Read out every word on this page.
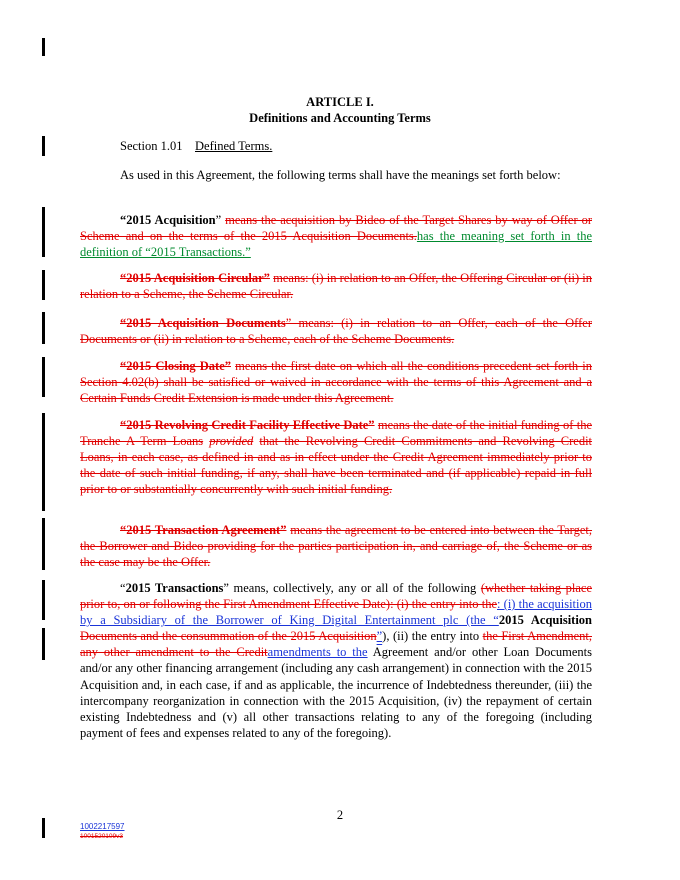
ARTICLE I.
Definitions and Accounting Terms
Section 1.01 Defined Terms.
As used in this Agreement, the following terms shall have the meanings set forth below:
“2015 Acquisition” means the acquisition by Bideo of the Target Shares by way of Offer or Scheme and on the terms of the 2015 Acquisition Documents.has the meaning set forth in the definition of “2015 Transactions.”
“2015 Acquisition Circular” means: (i) in relation to an Offer, the Offering Circular or (ii) in relation to a Scheme, the Scheme Circular.
“2015 Acquisition Documents” means: (i) in relation to an Offer, each of the Offer Documents or (ii) in relation to a Scheme, each of the Scheme Documents.
“2015 Closing Date” means the first date on which all the conditions precedent set forth in Section 4.02(b) shall be satisfied or waived in accordance with the terms of this Agreement and a Certain Funds Credit Extension is made under this Agreement.
“2015 Revolving Credit Facility Effective Date” means the date of the initial funding of the Tranche A Term Loans provided that the Revolving Credit Commitments and Revolving Credit Loans, in each case, as defined in and as in effect under the Credit Agreement immediately prior to the date of such initial funding, if any, shall have been terminated and (if applicable) repaid in full prior to or substantially concurrently with such initial funding.
“2015 Transaction Agreement” means the agreement to be entered into between the Target, the Borrower and Bideo providing for the parties participation in, and carriage of, the Scheme or as the case may be the Offer.
“2015 Transactions” means, collectively, any or all of the following (whether taking place prior to, on or following the First Amendment Effective Date): (i) the entry into the: (i) the acquisition by a Subsidiary of the Borrower of King Digital Entertainment plc (the “2015 Acquisition Documents and the consummation of the 2015 Acquisition”), (ii) the entry into the First Amendment, any other amendment to the Creditamendments to the Agreement and/or other Loan Documents and/or any other financing arrangement (including any cash arrangement) in connection with the 2015 Acquisition and, in each case, if and as applicable, the incurrence of Indebtedness thereunder, (iii) the intercompany reorganization in connection with the 2015 Acquisition, (iv) the repayment of certain existing Indebtedness and (v) all other transactions relating to any of the foregoing (including payment of fees and expenses related to any of the foregoing).
2
1002217597
1001520109v3
